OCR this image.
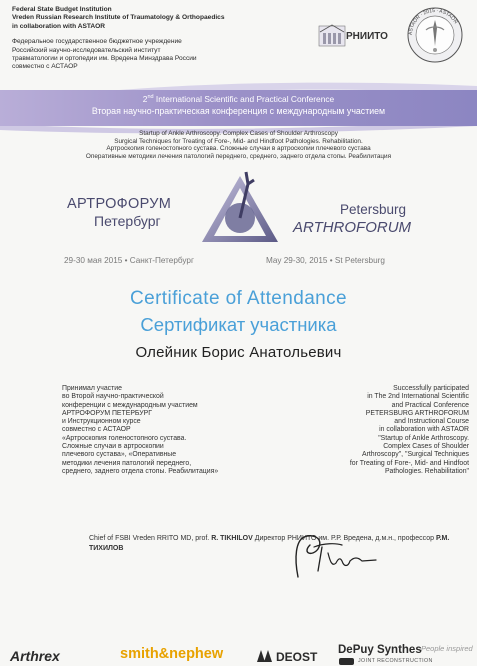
Federal State Budget Institution
Vreden Russian Research Institute of Traumatology & Orthopaedics
in collaboration with ASTAOR
Федеральное государственное бюджетное учреждение
Российский научно-исследовательский институт
травматологии и ортопедии им. Вредена Минздрава России
совместно с АСТАОР
РНИИТО	ASTAOR · 2015 · ASTAOR
2nd International Scientific and Practical Conference
Вторая научно-практическая конференция с международным участием
Startup of Ankle Arthroscopy. Complex Cases of Shoulder Arthroscopy
Surgical Techniques for Treating of Fore-, Mid- and Hindfoot Pathologies. Rehabilitation.
Артроскопия голеностопного сустава. Сложные случаи в артроскопии плечевого сустава
Оперативные методики лечения патологий переднего, среднего, заднего отдела стопы. Реабилитация
АРТРОФОРУМ
Петербург
Petersburg
ARTHROFORUM
29-30 мая 2015 • Санкт-Петербург	May 29-30, 2015 • St Petersburg
Certificate of Attendance
Сертификат участника
Олейник Борис Анатольевич
Принимал участие
во Второй научно-практической
конференции с международным участием
АРТРОФОРУМ ПЕТЕРБУРГ
и Инструкционном курсе
совместно с АСТАОР
«Артроскопия голеностопного сустава.
Сложные случаи в артроскопии
плечевого сустава», «Оперативные
методики лечения патологий переднего,
среднего, заднего отдела стопы. Реабилитация»
Successfully participated
in The 2nd International Scientific
and Practical Conference
PETERSBURG ARTHROFORUM
and Instructional Course
in collaboration with ASTAOR
"Startup of Ankle Arthroscopy.
Complex Cases of Shoulder
Arthroscopy", "Surgical Techniques
for Treating of Fore-, Mid- and Hindfoot
Pathologies. Rehabilitation"
Chief of FSBI Vreden RRITO MD, prof. R. TIKHILOV Директор РНИИТО им. Р.Р. Вредена, д.м.н., профессор Р.М. ТИХИЛОВ
Arthrex	smith&nephew	DEOST DePuy Synthes
JOINT RECONSTRUCTION
People inspired
